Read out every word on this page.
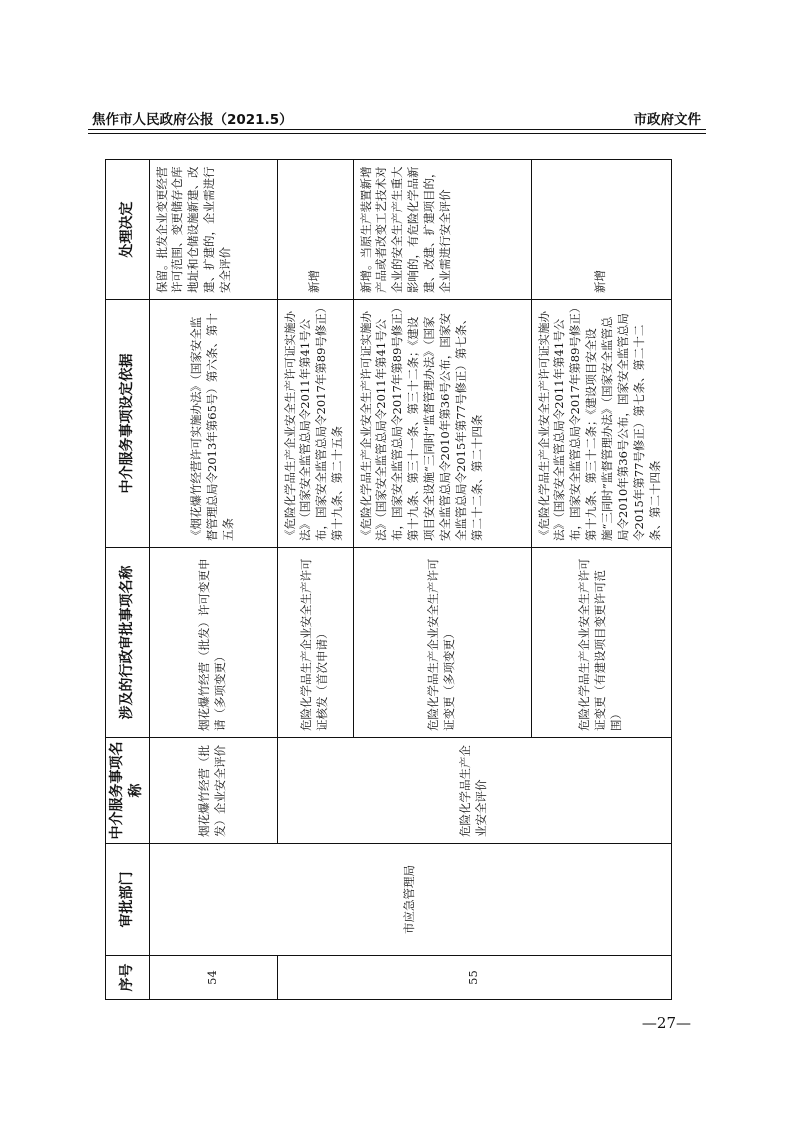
焦作市人民政府公报（2021.5）	市政府文件
序号	审批部门	中介服务事项名称	涉及的行政审批事项名称	中介服务事项设定依据	处理决定
54	市应急管理局	烟花爆竹经营（批发）企业安全评价	烟花爆竹经营（批发）许可变更申请（多项变更）	《烟花爆竹经营许可实施办法》（国家安全监督管理总局令2013年第65号）第六条、第十五条	保留。批发企业变更经营许可范围、变更储存仓库地址和仓储设施新建、改建、扩建的，企业需进行安全评价
55		危险化学品生产企业安全评价	危险化学品生产企业安全生产许可证核发（首次申请）	《危险化学品生产企业安全生产许可证实施办法》（国家安全监管总局令2011年第41号公布，国家安全监管总局令2017年第89号修正）第十九条、第二十五条	新增
			危险化学品生产企业安全生产许可证变更（多项变更）	《危险化学品生产企业安全生产许可证实施办法》（国家安全监管总局令2011年第41号公布，国家安全监管总局令2017年第89号修正）第十九条、第三十一条、第三十二条；《建设项目安全设施“三同时”监督管理办法》（国家安全监管总局令2010年第36号公布，国家安全监管总局令2015年第77号修正）第七条、第二十二条、第二十四条	新增。当原生产装置新增产品或者改变工艺技术对企业的安全生产产生重大影响的，有危险化学品新建、改建、扩建项目的，企业需进行安全评价
			危险化学品生产企业安全生产许可证变更（有建设项目变更许可范围）	《危险化学品生产企业安全生产许可证实施办法》（国家安全监管总局令2011年第41号公布，国家安全监管总局令2017年第89号修正）第十九条、第三十二条；《建设项目安全设施“三同时”监督管理办法》（国家安全监管总局令2010年第36号公布，国家安全监管总局令2015年第77号修正）第七条、第二十二条、第二十四条	新增
—27—
